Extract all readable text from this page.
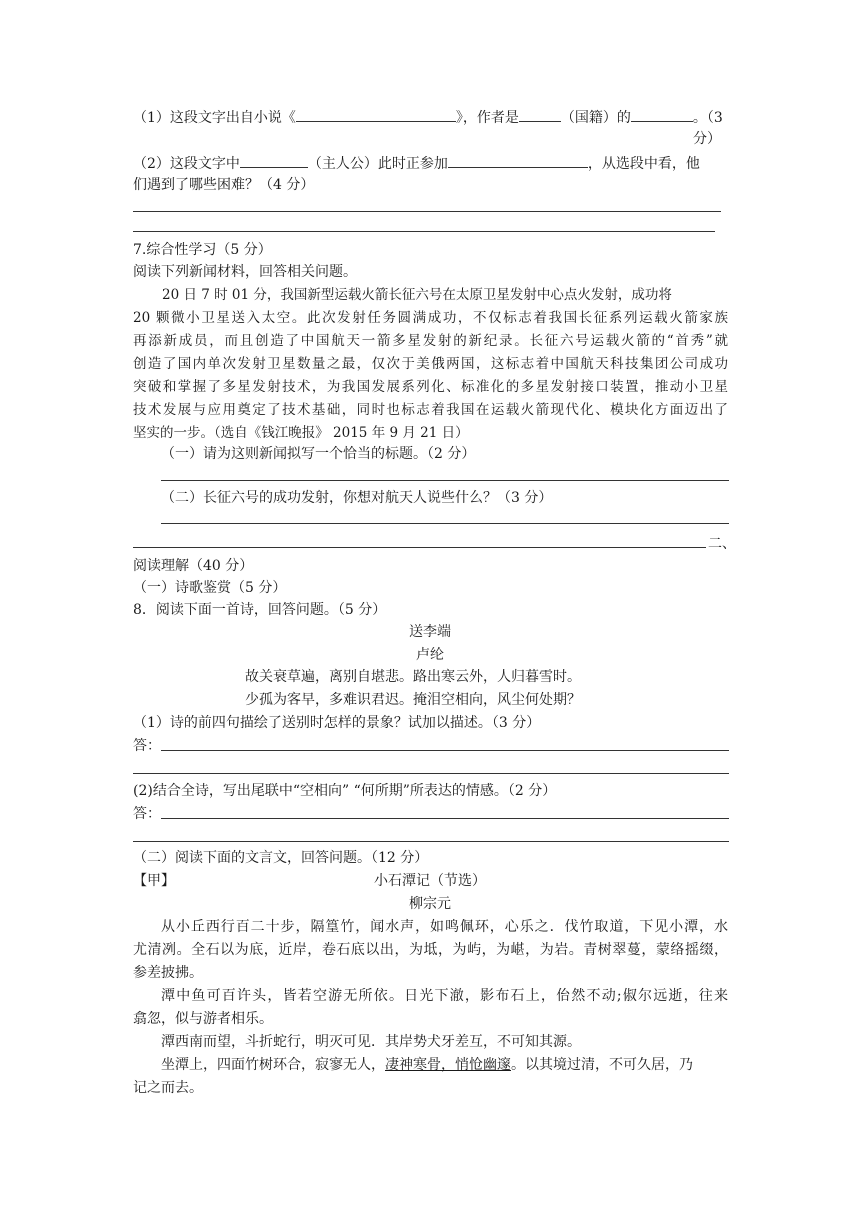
（1）这段文字出自小说《	》，作者是	（国籍）的	。（3
分）
（2）这段文字中	（主人公）此时正参加	，从选段中看，他
们遇到了哪些困难？（4 分）
7.综合性学习（5 分）
阅读下列新闻材料，回答相关问题。
20 日 7 时 01 分，我国新型运载火箭长征六号在太原卫星发射中心点火发射，成功将
20 颗微小卫星送入太空。此次发射任务圆满成功，不仅标志着我国长征系列运载火箭家族
再添新成员，而且创造了中国航天一箭多星发射的新纪录。长征六号运载火箭的“首秀”就
创造了国内单次发射卫星数量之最，仅次于美俄两国，这标志着中国航天科技集团公司成功
突破和掌握了多星发射技术，为我国发展系列化、标准化的多星发射接口装置，推动小卫星
技术发展与应用奠定了技术基础，同时也标志着我国在运载火箭现代化、模块化方面迈出了
坚实的一步。（选自《钱江晚报》 2015 年 9 月 21 日）
（一）请为这则新闻拟写一个恰当的标题。（2 分）
（二）长征六号的成功发射，你想对航天人说些什么？（3 分）
二、
阅读理解（40 分）
（一）诗歌鉴赏（5 分）
8．阅读下面一首诗，回答问题。（5 分）
送李端
卢纶
故关衰草遍，离别自堪悲。路出寒云外，人归暮雪时。
少孤为客早，多难识君迟。掩泪空相向，风尘何处期？
（1）诗的前四句描绘了送别时怎样的景象？试加以描述。（3 分）
答：
(2)结合全诗，写出尾联中“空相向” “何所期”所表达的情感。（2 分）
答：
（二）阅读下面的文言文，回答问题。（12 分）
【甲】	小石潭记（节选）
柳宗元
从小丘西行百二十步，隔篁竹，闻水声，如鸣佩环，心乐之．伐竹取道，下见小潭，水
尤清冽。全石以为底，近岸，卷石底以出，为坻，为屿，为嵁，为岩。青树翠蔓，蒙络摇缀，
参差披拂。
潭中鱼可百许头，皆若空游无所依。日光下澈，影布石上，佁然不动;俶尔远逝，往来
翕忽，似与游者相乐。
潭西南而望，斗折蛇行，明灭可见．其岸势犬牙差互，不可知其源。
坐潭上，四面竹树环合，寂寥无人，凄神寒骨，悄怆幽邃。以其境过清，不可久居，乃
记之而去。
